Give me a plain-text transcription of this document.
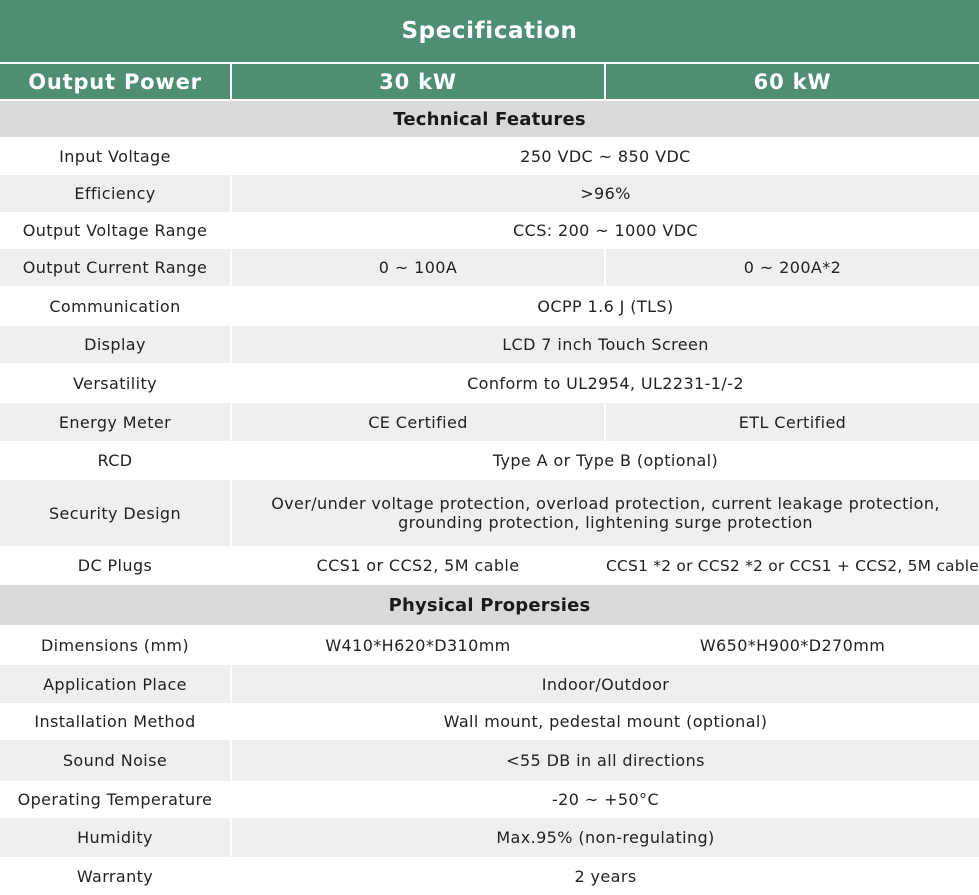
Specification		
Output Power	30 kW	60 kW
Technical Features		
Input Voltage	250 VDC ~ 850 VDC	
Efficiency	>96%	
Output Voltage Range	CCS: 200 ~ 1000 VDC	
Output Current Range	0 ~ 100A	0 ~ 200A*2
Communication	OCPP 1.6 J (TLS)	
Display	LCD 7 inch Touch Screen	
Versatility	Conform to UL2954, UL2231-1/-2	
Energy Meter	CE Certified	ETL Certified
RCD	Type A or Type B (optional)	
Security Design	Over/under voltage protection, overload protection, current leakage protection,
grounding protection, lightening surge protection	

DC Plugs	CCS1 or CCS2, 5M cable	CCS1 *2 or CCS2 *2 or CCS1 + CCS2, 5M cable
Physical Propersies		
Dimensions (mm)	W410*H620*D310mm	W650*H900*D270mm
Application Place	Indoor/Outdoor	
Installation Method	Wall mount, pedestal mount (optional)	
Sound Noise	<55 DB in all directions	
Operating Temperature	-20 ~ +50°C	
Humidity	Max.95% (non-regulating)	
Warranty	2 years	
